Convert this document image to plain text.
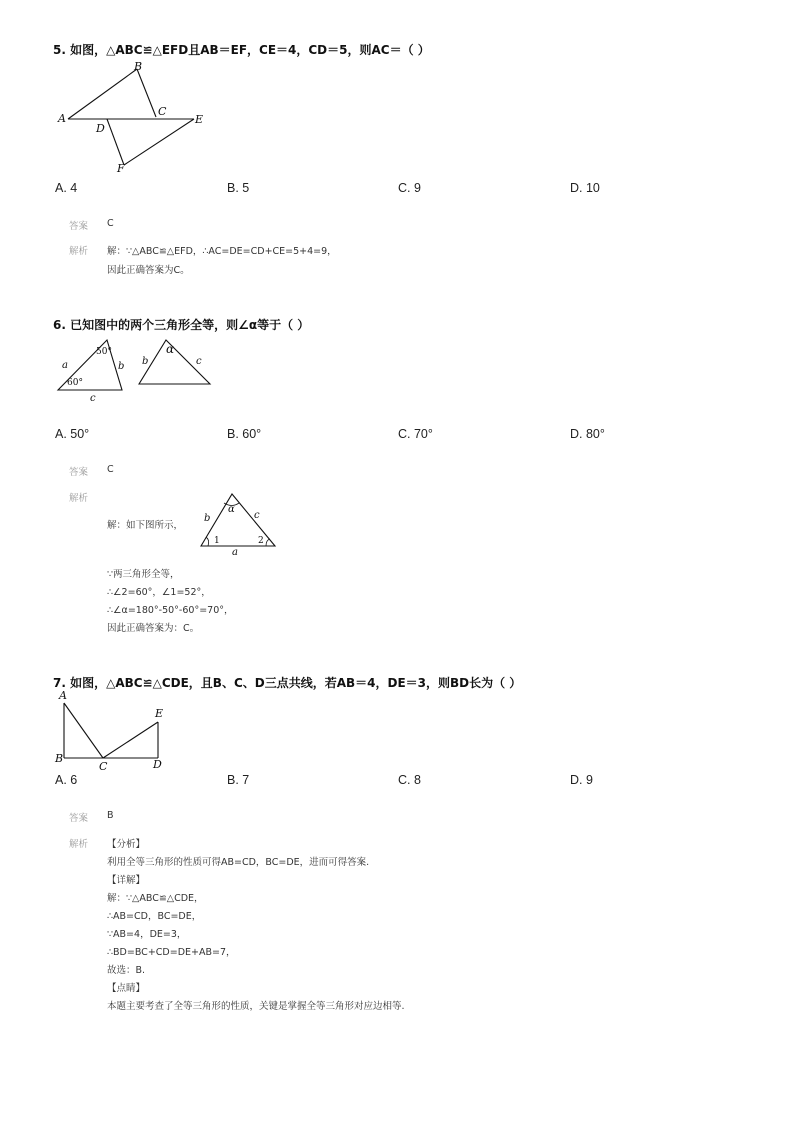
5. 如图，△ABC≌△EFD且AB＝EF，CE＝4，CD＝5，则AC＝（ ）
A
B
C
D
E
F
A. 4	B. 5	C. 9	D. 10
答案 C
解析 解：∵△ABC≌△EFD，∴AC=DE=CD+CE=5+4=9，
因此正确答案为C。
6. 已知图中的两个三角形全等，则∠α等于（ ）
a
50°
60°
b
c
b
α
c
A. 50°	B. 60°	C. 70°	D. 80°
答案 C
解析
解：如下图所示，
b
α
c
1	2
a
∵两三角形全等，
∴∠2=60°，∠1=52°，
∴∠α=180°-50°-60°=70°，
因此正确答案为：C。
7. 如图，△ABC≌△CDE，且B、C、D三点共线，若AB＝4，DE＝3，则BD长为（ ）
A
B
C	D
E
A. 6	B. 7	C. 8	D. 9
答案 B
解析 【分析】
利用全等三角形的性质可得AB=CD，BC=DE，进而可得答案.
【详解】
解：∵△ABC≌△CDE，
∴AB=CD，BC=DE，
∵AB=4，DE=3，
∴BD=BC+CD=DE+AB=7，
故选：B.
【点睛】
本题主要考查了全等三角形的性质，关键是掌握全等三角形对应边相等.
